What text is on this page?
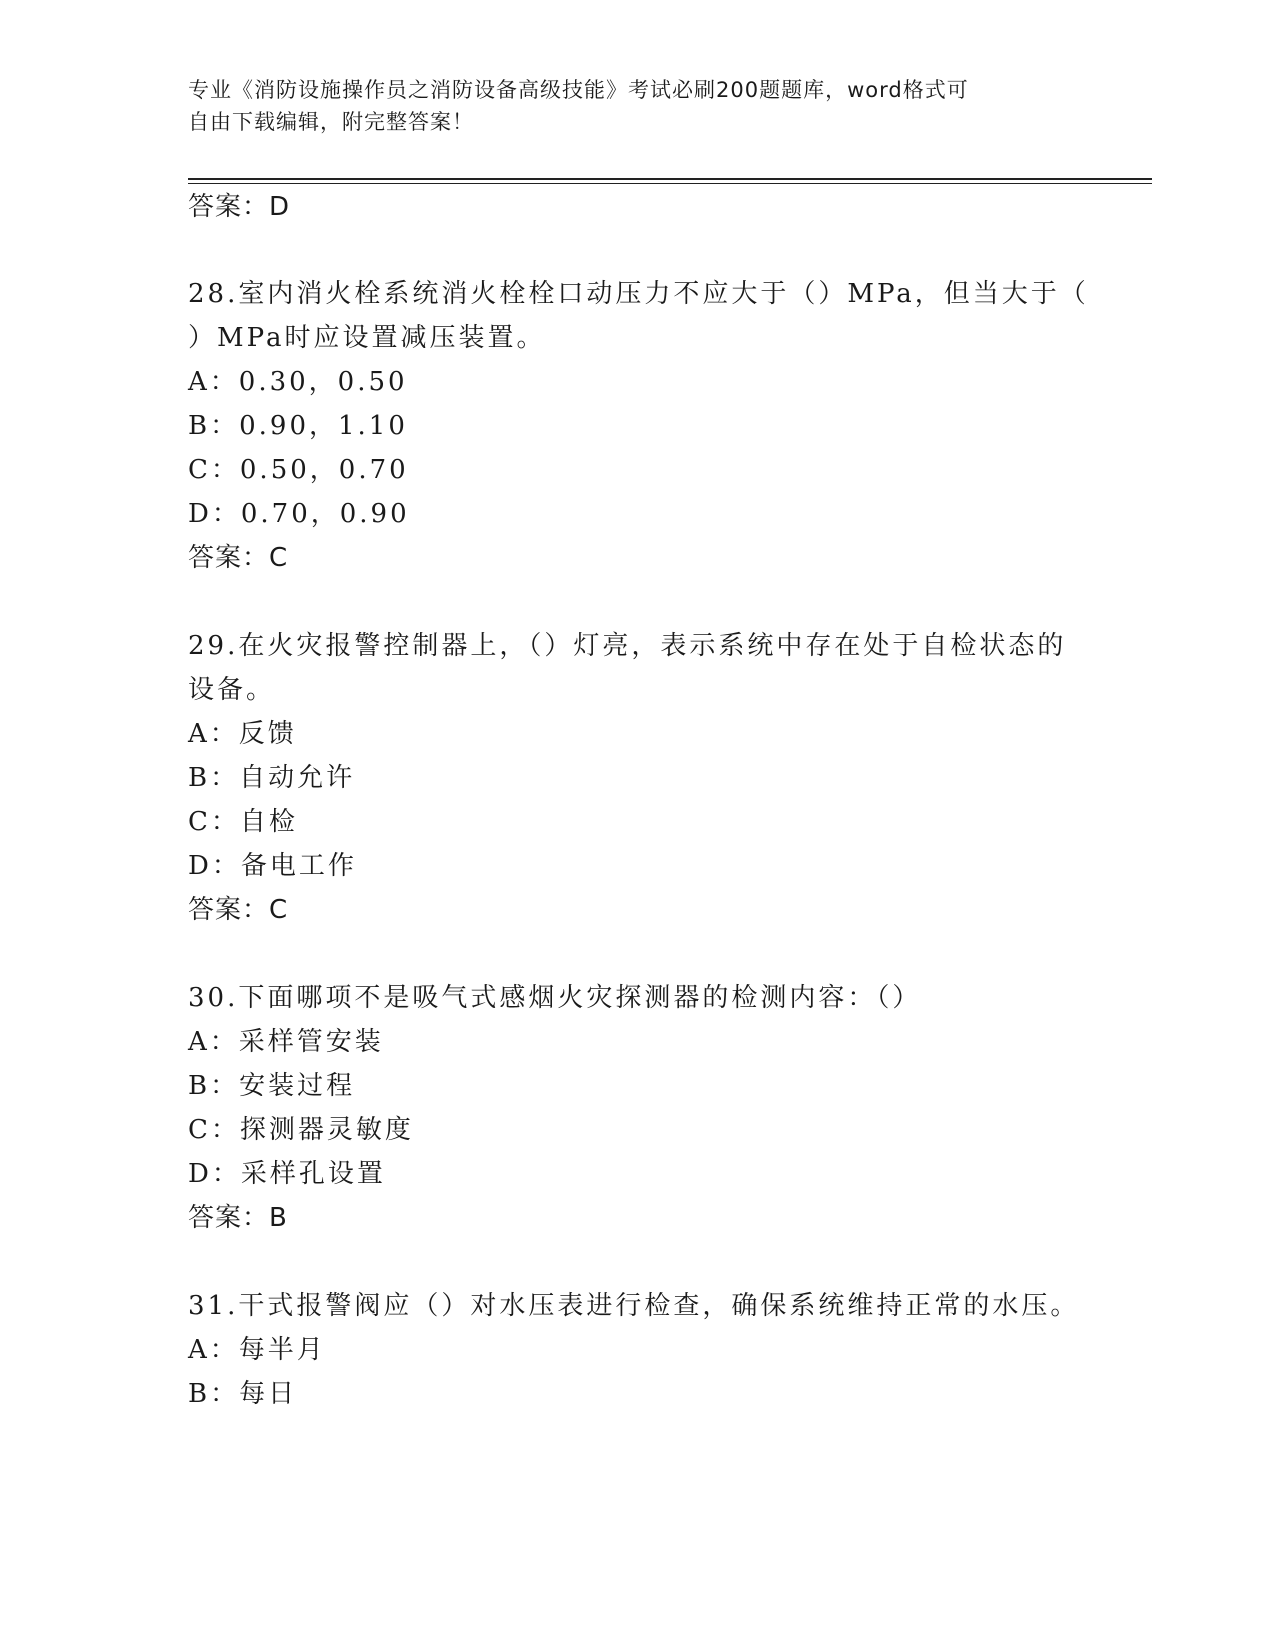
专业《消防设施操作员之消防设备高级技能》考试必刷200题题库，word格式可
自由下载编辑，附完整答案！
答案：D
28.室内消火栓系统消火栓栓口动压力不应大于（）MPa，但当大于（
）MPa时应设置减压装置。
A：0.30，0.50
B：0.90，1.10
C：0.50，0.70
D：0.70，0.90
答案：C
29.在火灾报警控制器上，（）灯亮，表示系统中存在处于自检状态的
设备。
A：反馈
B：自动允许
C：自检
D：备电工作
答案：C
30.下面哪项不是吸气式感烟火灾探测器的检测内容：（）
A：采样管安装
B：安装过程
C：探测器灵敏度
D：采样孔设置
答案：B
31.干式报警阀应（）对水压表进行检查，确保系统维持正常的水压。
A：每半月
B：每日
